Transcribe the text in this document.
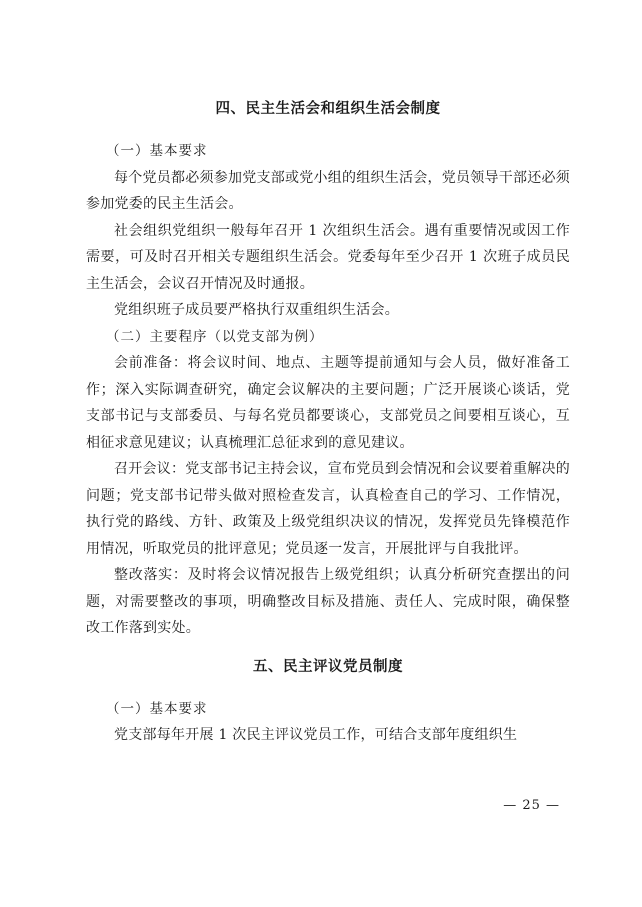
四、民主生活会和组织生活会制度

（一）基本要求

每个党员都必须参加党支部或党小组的组织生活会，党员领导干部还必须参加党委的民主生活会。

社会组织党组织一般每年召开 1 次组织生活会。遇有重要情况或因工作需要，可及时召开相关专题组织生活会。党委每年至少召开 1 次班子成员民主生活会，会议召开情况及时通报。

党组织班子成员要严格执行双重组织生活会。

（二）主要程序（以党支部为例）

会前准备：将会议时间、地点、主题等提前通知与会人员，做好准备工作；深入实际调查研究，确定会议解决的主要问题；广泛开展谈心谈话，党支部书记与支部委员、与每名党员都要谈心，支部党员之间要相互谈心，互相征求意见建议；认真梳理汇总征求到的意见建议。

召开会议：党支部书记主持会议，宣布党员到会情况和会议要着重解决的问题；党支部书记带头做对照检查发言，认真检查自己的学习、工作情况，执行党的路线、方针、政策及上级党组织决议的情况，发挥党员先锋模范作用情况，听取党员的批评意见；党员逐一发言，开展批评与自我批评。

整改落实：及时将会议情况报告上级党组织；认真分析研究查摆出的问题，对需要整改的事项，明确整改目标及措施、责任人、完成时限，确保整改工作落到实处。

五、民主评议党员制度

（一）基本要求

党支部每年开展 1 次民主评议党员工作，可结合支部年度组织生

— 25 —
